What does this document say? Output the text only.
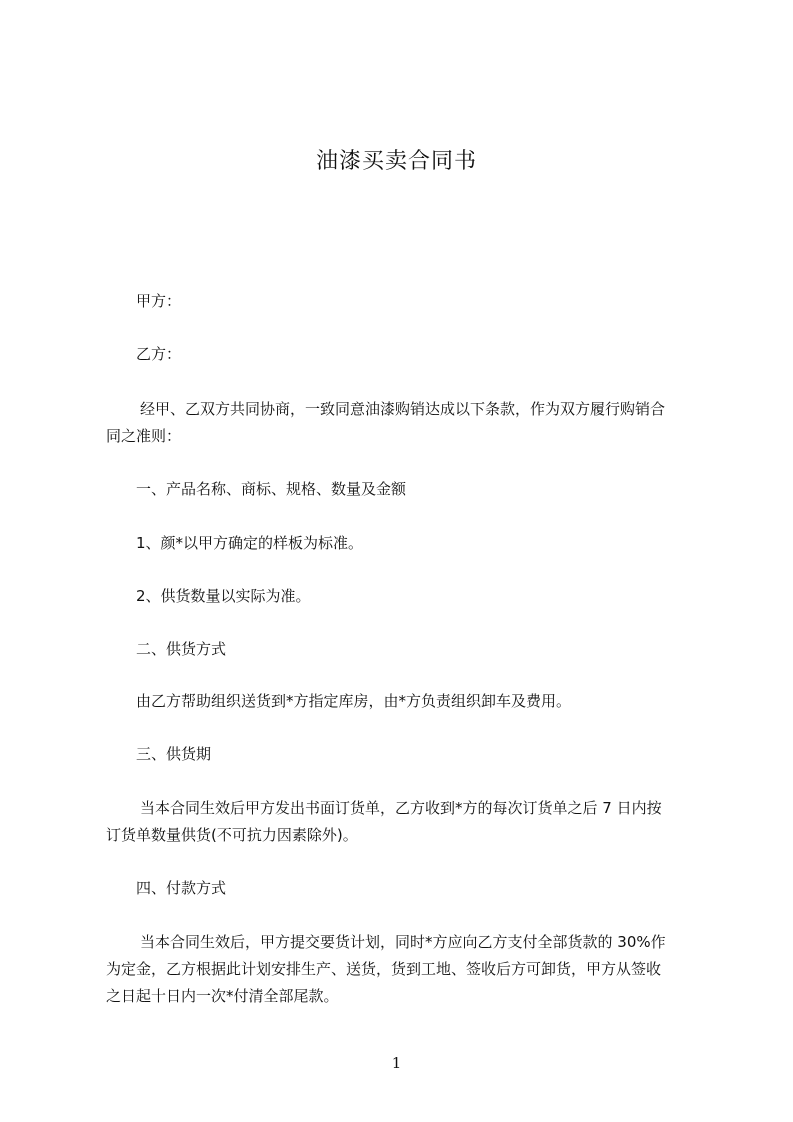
油漆买卖合同书
甲方：
乙方：
经甲、乙双方共同协商，一致同意油漆购销达成以下条款，作为双方履行购销合
同之准则：
一、产品名称、商标、规格、数量及金额
1、颜*以甲方确定的样板为标准。
2、供货数量以实际为准。
二、供货方式
由乙方帮助组织送货到*方指定库房，由*方负责组织卸车及费用。
三、供货期
当本合同生效后甲方发出书面订货单，乙方收到*方的每次订货单之后 7 日内按
订货单数量供货(不可抗力因素除外)。
四、付款方式
当本合同生效后，甲方提交要货计划，同时*方应向乙方支付全部货款的 30%作
为定金，乙方根据此计划安排生产、送货，货到工地、签收后方可卸货，甲方从签收
之日起十日内一次*付清全部尾款。
1
